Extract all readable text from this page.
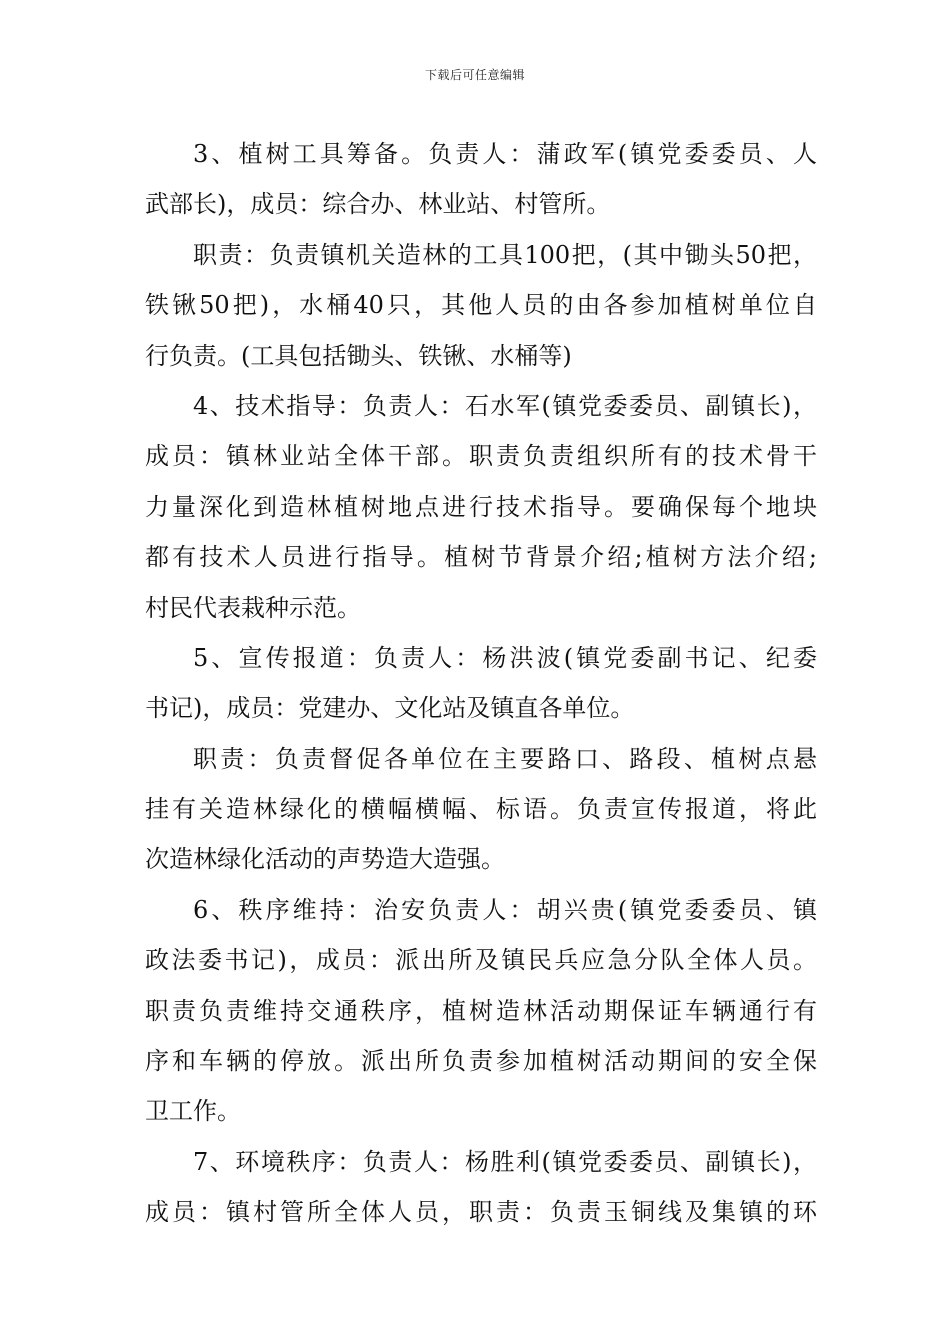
下载后可任意编辑
3、植树工具筹备。负责人：蒲政军(镇党委委员、人
武部长)，成员：综合办、林业站、村管所。
职责：负责镇机关造林的工具100把，(其中锄头50把，
铁锹50把)，水桶40只，其他人员的由各参加植树单位自
行负责。(工具包括锄头、铁锹、水桶等)
4、技术指导：负责人：石水军(镇党委委员、副镇长)，
成员：镇林业站全体干部。职责负责组织所有的技术骨干
力量深化到造林植树地点进行技术指导。要确保每个地块
都有技术人员进行指导。植树节背景介绍;植树方法介绍;
村民代表栽种示范。
5、宣传报道：负责人：杨洪波(镇党委副书记、纪委
书记)，成员：党建办、文化站及镇直各单位。
职责：负责督促各单位在主要路口、路段、植树点悬
挂有关造林绿化的横幅横幅、标语。负责宣传报道，将此
次造林绿化活动的声势造大造强。
6、秩序维持：治安负责人：胡兴贵(镇党委委员、镇
政法委书记)，成员：派出所及镇民兵应急分队全体人员。
职责负责维持交通秩序，植树造林活动期保证车辆通行有
序和车辆的停放。派出所负责参加植树活动期间的安全保
卫工作。
7、环境秩序：负责人：杨胜利(镇党委委员、副镇长)，
成员：镇村管所全体人员，职责：负责玉铜线及集镇的环
